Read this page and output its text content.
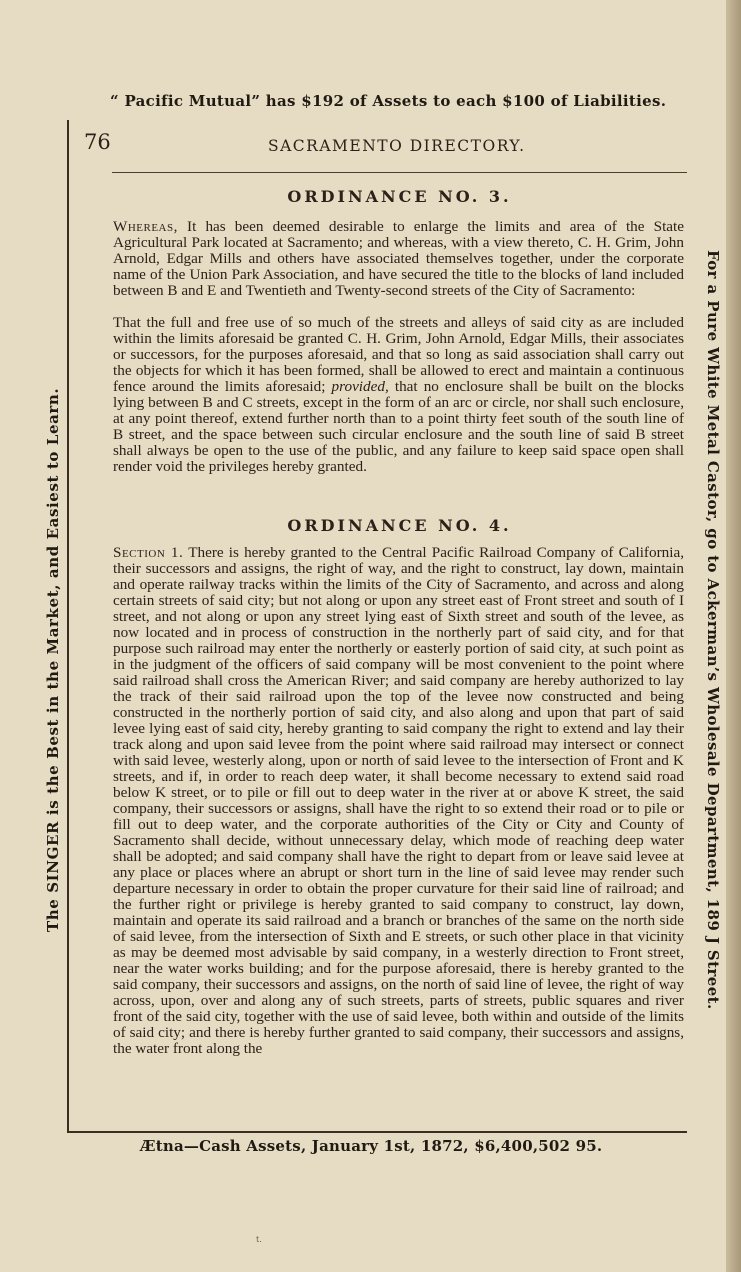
“ Pacific Mutual” has $192 of Assets to each $100 of Liabilities.
The SINGER is the Best in the Market, and Easiest to Learn.	For a Pure White Metal Castor, go to Ackerman’s Wholesale Department, 189 J Street.
76	SACRAMENTO DIRECTORY.
ORDINANCE NO. 3.
Whereas, It has been deemed desirable to enlarge the limits and area of the State Agricultural Park located at Sacramento; and whereas, with a view thereto, C. H. Grim, John Arnold, Edgar Mills and others have associated themselves together, under the corporate name of the Union Park Association, and have secured the title to the blocks of land included between B and E and Twentieth and Twenty-second streets of the City of Sacramento:
That the full and free use of so much of the streets and alleys of said city as are included within the limits aforesaid be granted C. H. Grim, John Arnold, Edgar Mills, their associates or successors, for the purposes aforesaid, and that so long as said association shall carry out the objects for which it has been formed, shall be allowed to erect and maintain a continuous fence around the limits aforesaid; provided, that no enclosure shall be built on the blocks lying between B and C streets, except in the form of an arc or circle, nor shall such enclosure, at any point thereof, extend further north than to a point thirty feet south of the south line of B street, and the space between such circular enclosure and the south line of said B street shall always be open to the use of the public, and any failure to keep said space open shall render void the privileges hereby granted.
ORDINANCE NO. 4.
Section 1. There is hereby granted to the Central Pacific Railroad Company of California, their successors and assigns, the right of way, and the right to construct, lay down, maintain and operate railway tracks within the limits of the City of Sacramento, and across and along certain streets of said city; but not along or upon any street east of Front street and south of I street, and not along or upon any street lying east of Sixth street and south of the levee, as now located and in process of construction in the northerly part of said city, and for that purpose such railroad may enter the northerly or easterly portion of said city, at such point as in the judgment of the officers of said company will be most convenient to the point where said railroad shall cross the American River; and said company are hereby authorized to lay the track of their said railroad upon the top of the levee now constructed and being constructed in the northerly portion of said city, and also along and upon that part of said levee lying east of said city, hereby granting to said company the right to extend and lay their track along and upon said levee from the point where said railroad may intersect or connect with said levee, westerly along, upon or north of said levee to the intersection of Front and K streets, and if, in order to reach deep water, it shall become necessary to extend said road below K street, or to pile or fill out to deep water in the river at or above K street, the said company, their successors or assigns, shall have the right to so extend their road or to pile or fill out to deep water, and the corporate authorities of the City or City and County of Sacramento shall decide, without unnecessary delay, which mode of reaching deep water shall be adopted; and said company shall have the right to depart from or leave said levee at any place or places where an abrupt or short turn in the line of said levee may render such departure necessary in order to obtain the proper curvature for their said line of railroad; and the further right or privilege is hereby granted to said company to construct, lay down, maintain and operate its said railroad and a branch or branches of the same on the north side of said levee, from the intersection of Sixth and E streets, or such other place in that vicinity as may be deemed most advisable by said company, in a westerly direction to Front street, near the water works building; and for the purpose aforesaid, there is hereby granted to the said company, their successors and assigns, on the north of said line of levee, the right of way across, upon, over and along any of such streets, parts of streets, public squares and river front of the said city, together with the use of said levee, both within and outside of the limits of said city; and there is hereby further granted to said company, their successors and assigns, the water front along the
Ætna—Cash Assets, January 1st, 1872, $6,400,502 95.
t.
